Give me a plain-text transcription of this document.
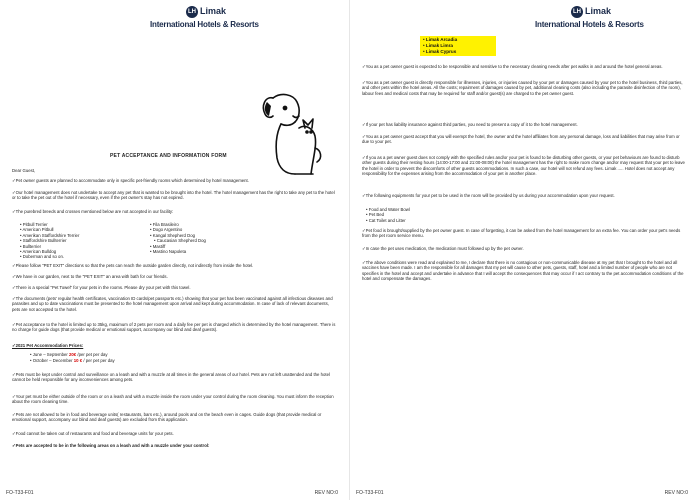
LH Limak
International Hotels & Resorts
PET ACCEPTANCE AND INFORMATION FORM
Dear Guest,
✓Pet owner guests are planned to accommodate only in specific pet-friendly rooms which determined by hotel management.
✓Our hotel management does not undertake to accept any pet that is wanted to be brought into the hotel. The hotel management has the right to take any pet to the hotel or to take the pet out of the hotel if necessary, even if the pet owner's stay has not expired.
✓The purebred breeds and crosses mentioned below are not accepted in our facility:
• Pitbull Terrier
• American Pitbull
• Amerikan Staffordshire Terrier
• Staffordshire Bullterrier
• Bullterrier
• American Bulldog
• Doberman and so on.
• Fila Brasileiro
• Dogo Argentino
• Kangal Shepherd Dog
• Caucasian Shepherd Dog
• Mastiff
• Mastino Napoleta
✓Please follow "PET EXIT" directions so that the pets can reach the outside garden directly, not indirectly from inside the hotel.
✓We have in our garden, next to the "PET EXIT" an area with bath for our friends.
✓There is a special "Pet Towel" for your pets in the rooms. Please dry your pet with this towel.
✓The documents (pets' regular health certificates, vaccination ID cards/pet passports etc.) showing that your pet has been vaccinated against all infectious diseases and parasites and up to date vaccinations must be presented to the hotel management upon arrival and kept during accommodation. In case of lack of relevant documents, pets are not accepted to the hotel.
✓Pet acceptance to the hotel is limited up to 35kg, maximum of 2 pets per room and a daily fee per pet is charged which is determined by the hotel management. There is no charge for guide dogs (that provide medical or emotional support, accompany our blind and deaf guests).
✓2021 Pet Accommodation Prices:
• June – September 20€ /per pet per day
• October – December 10 € / per pet per day
✓Pets must be kept under control and surveillance on a leash and with a muzzle at all times in the general areas of our hotel. Pets are not left unattended and the hotel cannot be held responsible for any inconveniences among pets.
✓Your pet must be either outside of the room or on a leash and with a muzzle inside the room under your control during the room cleaning. You must inform the reception about the room cleaning time.
✓Pets are not allowed to be in food and beverage units( restaurants, bars etc.), around pools and on the beach even in cages. Guide dogs (that provide medical or emotional support, accompany our blind and deaf guests) are excluded from this application.
✓Food cannot be taken out of restaurants and food and beverage units for your pets.
✓Pets are accepted to be in the following areas on a leash and with a muzzle under your control:
FO-T33-F01	REV NO:0
LH Limak
International Hotels & Resorts
• Limak Arcadia
• Limak Limra
• Limak Cyprus
✓You as a pet owner guest is expected to be responsible and sensitive to the necessary cleaning needs after pet walks in and around the hotel general areas.
✓You as a pet owner guest is directly responsible for illnesses, injuries, or injuries caused by your pet or damages caused by your pet to the hotel business, third parties, and other pets within the hotel areas. All the costs; repairment of damages caused by pet, additional cleaning costs (also including the parasite disinfection of the room), labour fees and medical costs that may be required for staff and/or guest(s) are charged to the pet owner guest.
✓If your pet has liability insurance against third parties, you need to present a copy of it to the hotel management.
✓You as a pet owner guest accept that you will exempt the hotel, the owner and the hotel affiliates from any personal damage, loss and liabilities that may arise from or due to your pet.
✓If you as a pet owner guest does not comply with the specified rules and/or your pet is found to be disturbing other guests, or your pet behaviours are found to disturb other guests during their resting hours (14:00-17:00 and 21:00-08:00) the hotel management has the right to make room change and/or may request that your pet to leave the hotel in order to prevent the discomforts of other guests accommodations. In such a case, our hotel will not refund any fees. Limak ..... Hotel does not accept any responsibility for the expenses arising from the accommodation of your pet in another place.
✓The following equipments for your pet to be used in the room will be provided by us during your accommodation upon your request.
• Food and Water Bowl
• Pet Bed
• Cat Toilet and Litter
✓Pet food is brought/supplied by the pet owner guest. In case of forgetting, it can be asked from the hotel management for an extra fee. You can order your pet's needs from the pet room service menu.
✓In case the pet uses medication, the medication must followed up by the pet owner.
✓The above conditions were read and explained to me, I declare that there is no contagious or non-communicable disease at my pet that I brought to the hotel and all vaccines have been made. I am the responsible for all damages that my pet will cause to other pets, guests, staff, hotel and a limited number of people who are not specifies in the hotel and accept and undertake in advance that I will accept the consequences that may occur if I act contrary to the pet accommodation conditions of the hotel and compensate the damages.
FO-T33-F01	REV NO:0
